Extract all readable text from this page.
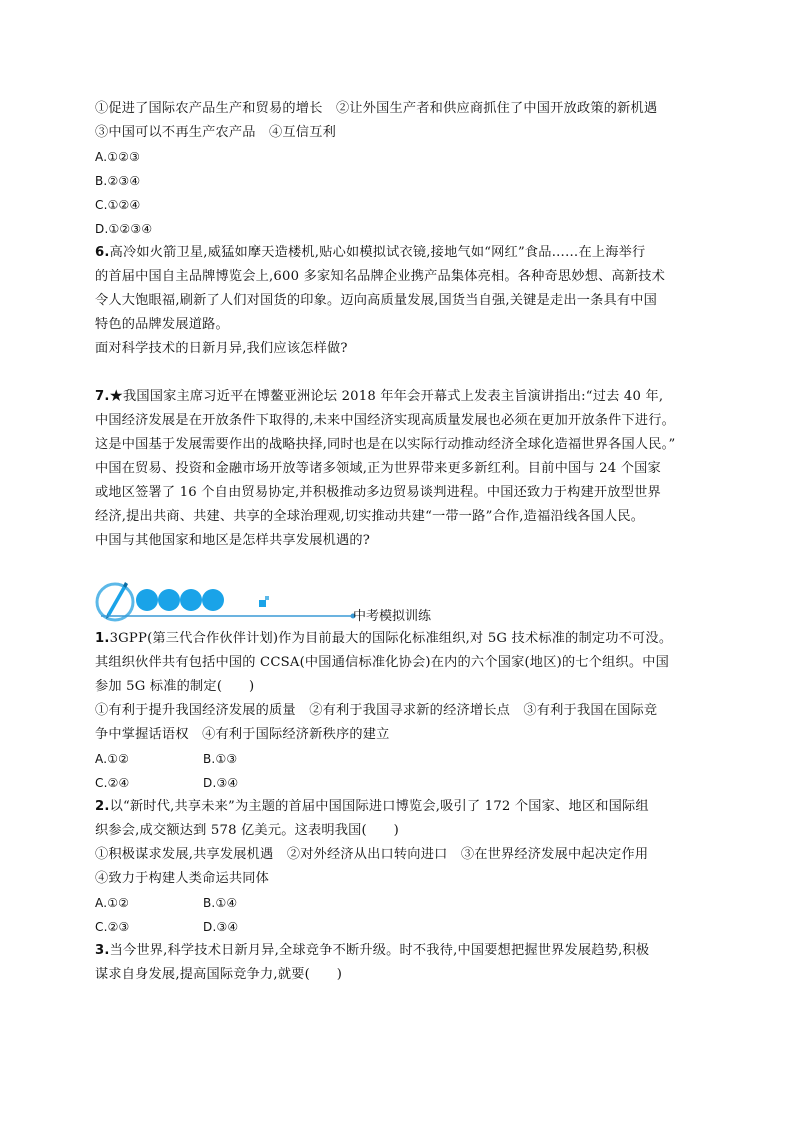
①促进了国际农产品生产和贸易的增长　②让外国生产者和供应商抓住了中国开放政策的新机遇
③中国可以不再生产农产品　④互信互利
A.①②③
B.②③④
C.①②④
D.①②③④
6.高冷如火箭卫星,威猛如摩天造楼机,贴心如模拟试衣镜,接地气如“网红”食品……在上海举行
的首届中国自主品牌博览会上,600 多家知名品牌企业携产品集体亮相。各种奇思妙想、高新技术
令人大饱眼福,刷新了人们对国货的印象。迈向高质量发展,国货当自强,关键是走出一条具有中国
特色的品牌发展道路。
面对科学技术的日新月异,我们应该怎样做?
7.★我国国家主席习近平在博鳌亚洲论坛 2018 年年会开幕式上发表主旨演讲指出:“过去 40 年,
中国经济发展是在开放条件下取得的,未来中国经济实现高质量发展也必须在更加开放条件下进行。
这是中国基于发展需要作出的战略抉择,同时也是在以实际行动推动经济全球化造福世界各国人民。”
中国在贸易、投资和金融市场开放等诸多领域,正为世界带来更多新红利。目前中国与 24 个国家
或地区签署了 16 个自由贸易协定,并积极推动多边贸易谈判进程。中国还致力于构建开放型世界
经济,提出共商、共建、共享的全球治理观,切实推动共建“一带一路”合作,造福沿线各国人民。
中国与其他国家和地区是怎样共享发展机遇的?
中考模拟训练
1.3GPP(第三代合作伙伴计划)作为目前最大的国际化标准组织,对 5G 技术标准的制定功不可没。
其组织伙伴共有包括中国的 CCSA(中国通信标准化协会)在内的六个国家(地区)的七个组织。中国
参加 5G 标准的制定(　　)
①有利于提升我国经济发展的质量　②有利于我国寻求新的经济增长点　③有利于我国在国际竞
争中掌握话语权　④有利于国际经济新秩序的建立
A.①②	B.①③
C.②④	D.③④
2.以“新时代,共享未来”为主题的首届中国国际进口博览会,吸引了 172 个国家、地区和国际组
织参会,成交额达到 578 亿美元。这表明我国(　　)
①积极谋求发展,共享发展机遇　②对外经济从出口转向进口　③在世界经济发展中起决定作用
④致力于构建人类命运共同体
A.①②	B.①④
C.②③	D.③④
3.当今世界,科学技术日新月异,全球竞争不断升级。时不我待,中国要想把握世界发展趋势,积极
谋求自身发展,提高国际竞争力,就要(　　)
